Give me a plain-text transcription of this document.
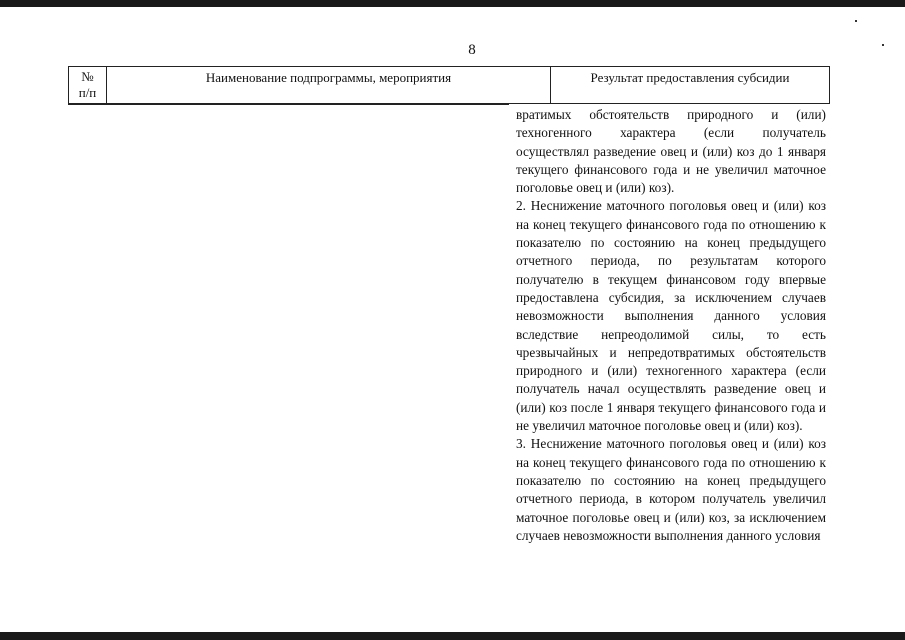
8
№
п/п
Наименование подпрограммы, мероприятия	Результат предоставления субсидии

вратимых обстоятельств природного и (или) техногенного характера (если получатель осуществлял разведение овец и (или) коз до 1 января текущего финансового года и не увеличил маточное поголовье овец и (или) коз).

2. Неснижение маточного поголовья овец и (или) коз на конец текущего финансового года по отношению к показателю по состоянию на конец предыдущего отчетного периода, по результатам которого получателю в текущем финансовом году впервые предоставлена субсидия, за исключением случаев невозможности выполнения данного условия вследствие непреодолимой силы, то есть чрезвычайных и непредотвратимых обстоятельств природного и (или) техногенного характера (если получатель начал осуществлять разведение овец и (или) коз после 1 января текущего финансового года и не увеличил маточное поголовье овец и (или) коз).

3. Неснижение маточного поголовья овец и (или) коз на конец текущего финансового года по отношению к показателю по состоянию на конец предыдущего отчетного периода, в котором получатель увеличил маточное поголовье овец и (или) коз, за исключением случаев невозможности выполнения данного условия
